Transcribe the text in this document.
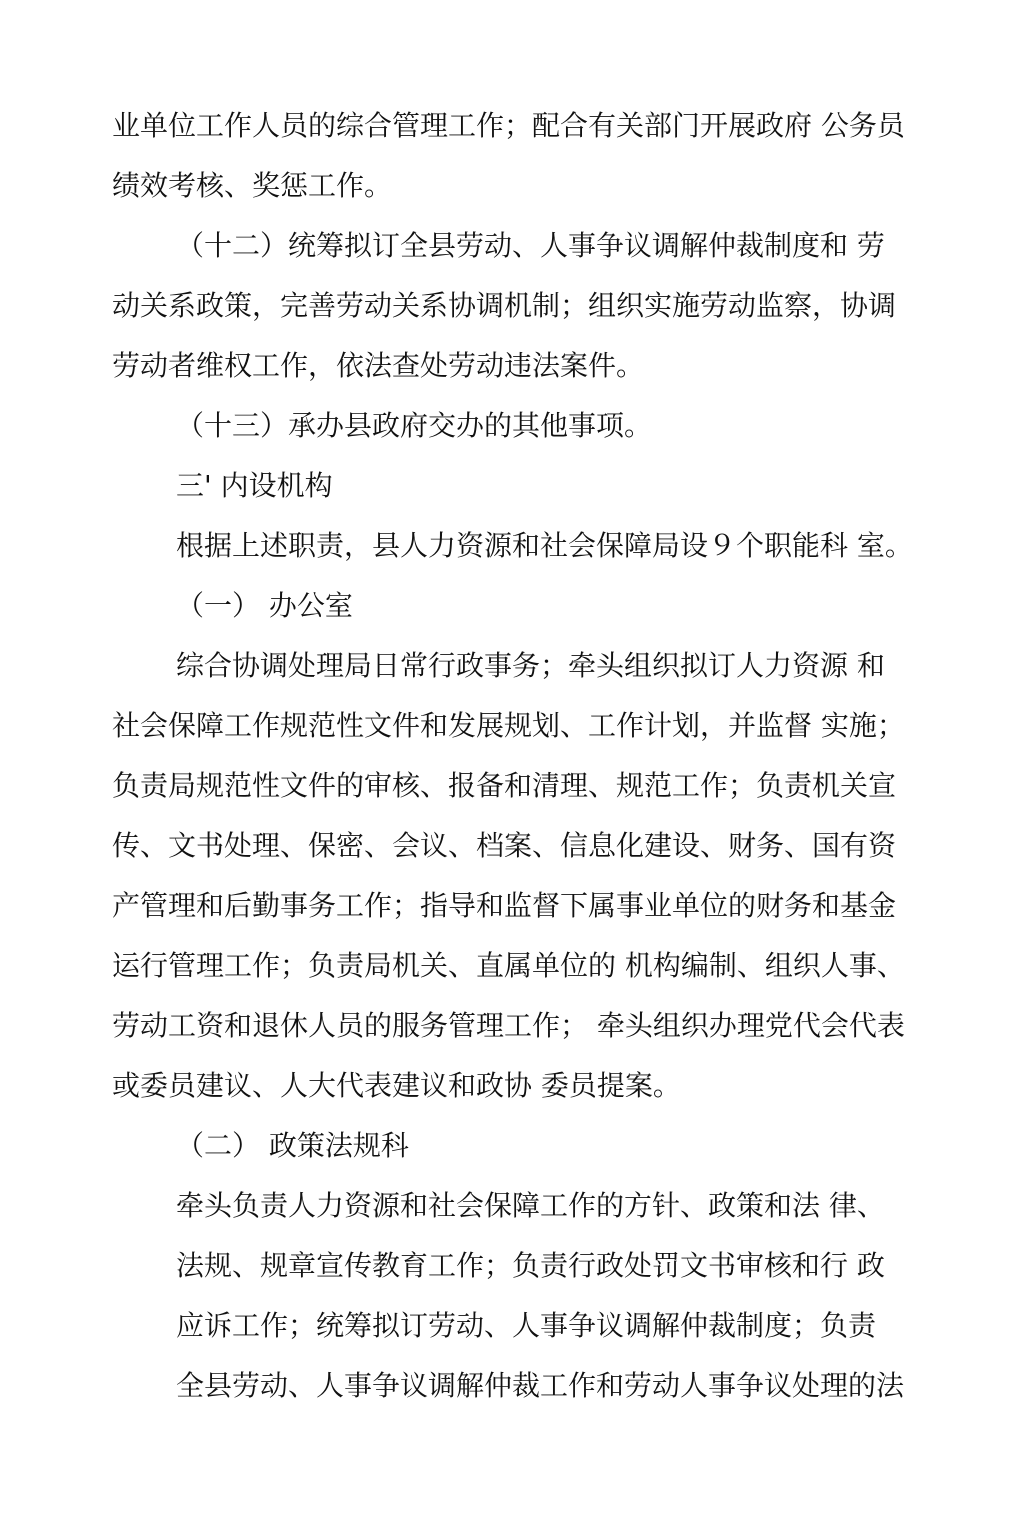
业单位工作人员的综合管理工作；配合有关部门开展政府 公务员
绩效考核、奖惩工作。
（十二）统筹拟订全县劳动、人事争议调解仲裁制度和 劳
动关系政策，完善劳动关系协调机制；组织实施劳动监察，协调
劳动者维权工作，依法查处劳动违法案件。
（十三）承办县政府交办的其他事项。
三' 内设机构
根据上述职责，县人力资源和社会保障局设９个职能科 室。
（一） 办公室
综合协调处理局日常行政事务；牵头组织拟订人力资源 和
社会保障工作规范性文件和发展规划、工作计划，并监督 实施；
负责局规范性文件的审核、报备和清理、规范工作；负责机关宣
传、文书处理、保密、会议、档案、信息化建设、财务、国有资
产管理和后勤事务工作；指导和监督下属事业单位的财务和基金
运行管理工作；负责局机关、直属单位的 机构编制、组织人事、
劳动工资和退休人员的服务管理工作； 牵头组织办理党代会代表
或委员建议、人大代表建议和政协 委员提案。
（二） 政策法规科
牵头负责人力资源和社会保障工作的方针、政策和法 律、
法规、规章宣传教育工作；负责行政处罚文书审核和行 政
应诉工作；统筹拟订劳动、人事争议调解仲裁制度；负责
全县劳动、人事争议调解仲裁工作和劳动人事争议处理的法
